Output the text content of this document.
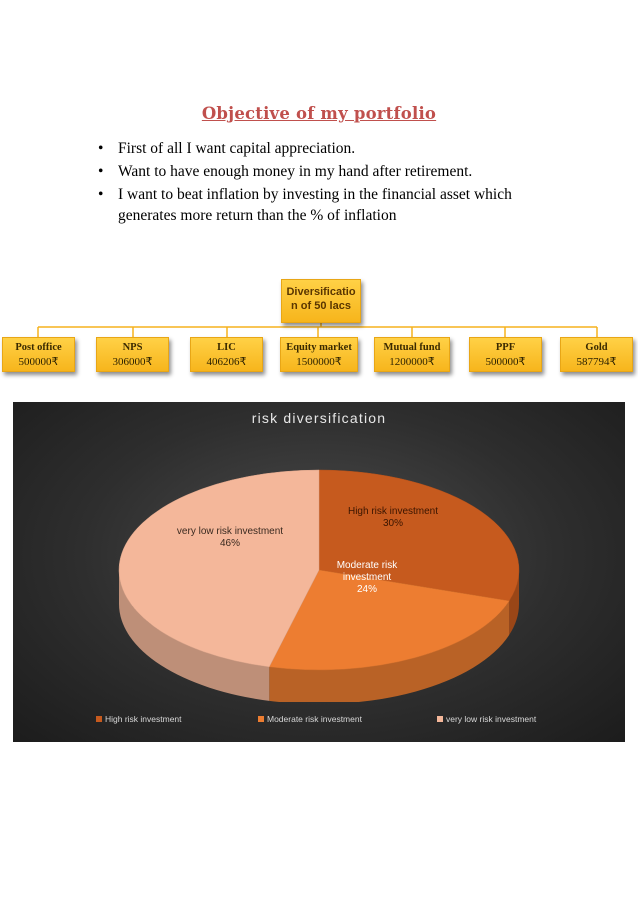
Objective of my portfolio
• First of all I want capital appreciation.
• Want to have enough money in my hand after retirement.
• I want to beat inflation by investing in the financial asset which generates more return than the % of inflation
Diversificatio
n of 50 lacs
Post office
500000₹
NPS
306000₹
LIC
406206₹
Equity market
1500000₹
Mutual fund
1200000₹
PPF
500000₹
Gold
587794₹
risk diversification
High risk investment
30%
Moderate risk
investment
24%
very low risk investment
46%
High risk investment	Moderate risk investment	very low risk investment
